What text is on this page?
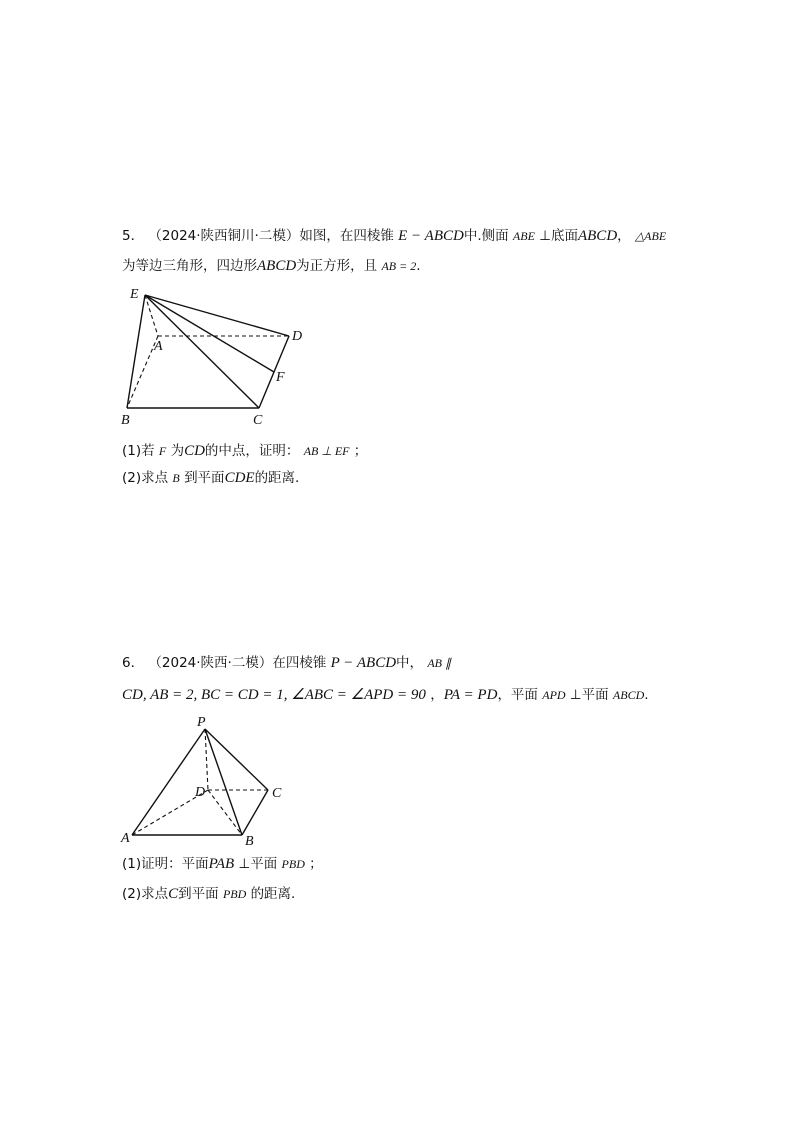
5． （2024·陕西铜川·二模）如图，在四棱锥 E − ABCD中.侧面 ABE ⊥底面ABCD， △ABE
为等边三角形，四边形ABCD为正方形，且 AB = 2.
E
A
D
F
B	C
(1)若 F 为CD的中点，证明： AB ⊥ EF ；
(2)求点 B 到平面CDE的距离.
6． （2024·陕西·二模）在四棱锥 P − ABCD中， AB ∥
CD, AB = 2, BC = CD = 1, ∠ABC = ∠APD = 90 ，PA = PD，平面 APD ⊥平面 ABCD.
P
D	C
A	B
(1)证明：平面PAB ⊥平面 PBD ；
(2)求点C到平面 PBD 的距离.
